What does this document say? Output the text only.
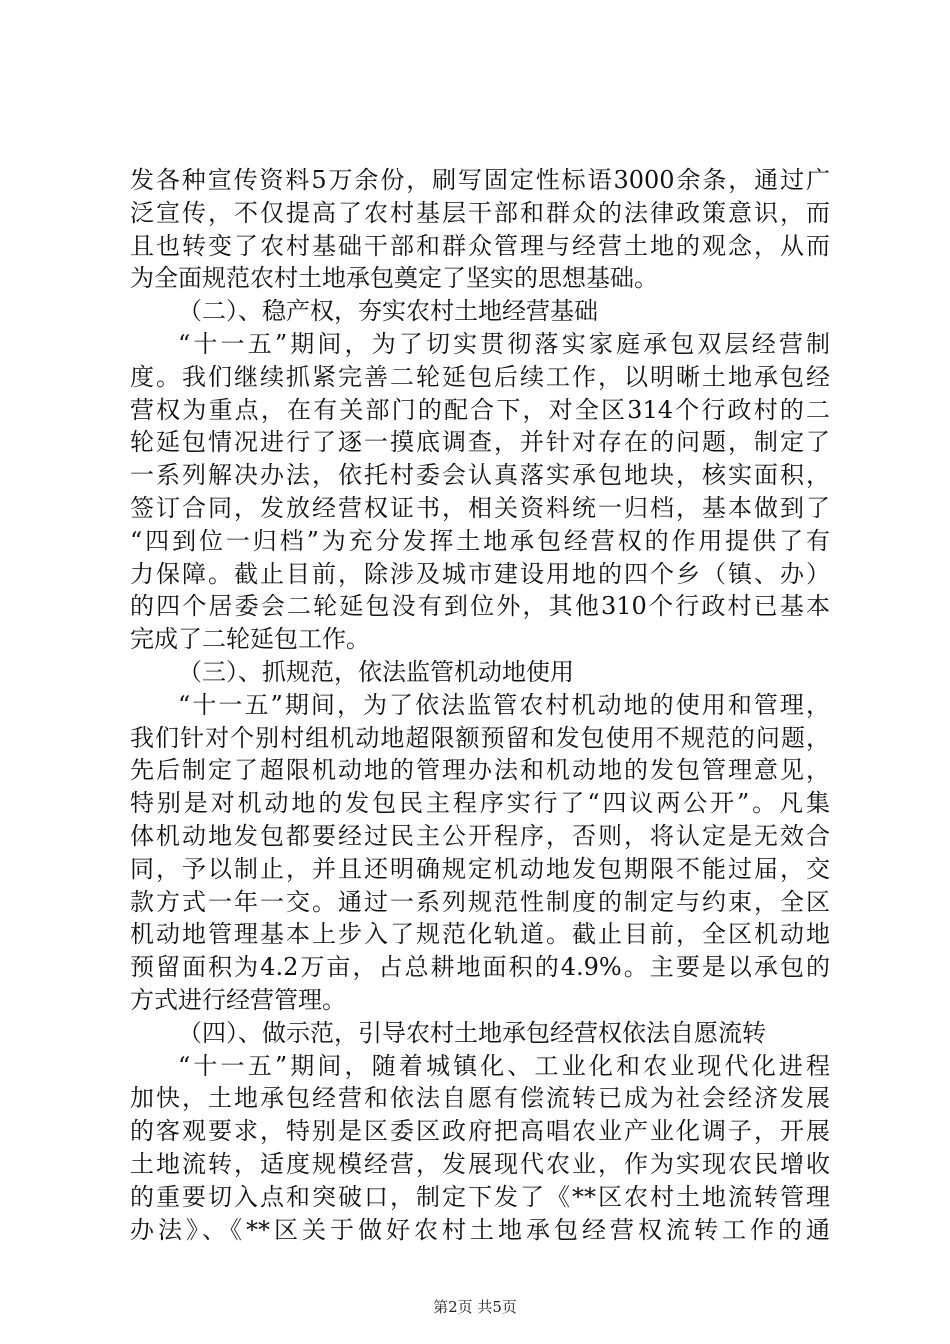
发各种宣传资料5万余份，刷写固定性标语3000余条，通过广
泛宣传，不仅提高了农村基层干部和群众的法律政策意识，而
且也转变了农村基础干部和群众管理与经营土地的观念，从而
为全面规范农村土地承包奠定了坚实的思想基础。
（二）、稳产权，夯实农村土地经营基础
“十一五”期间，为了切实贯彻落实家庭承包双层经营制
度。我们继续抓紧完善二轮延包后续工作，以明晰土地承包经
营权为重点，在有关部门的配合下，对全区314个行政村的二
轮延包情况进行了逐一摸底调查，并针对存在的问题，制定了
一系列解决办法，依托村委会认真落实承包地块，核实面积，
签订合同，发放经营权证书，相关资料统一归档，基本做到了
“四到位一归档”为充分发挥土地承包经营权的作用提供了有
力保障。截止目前，除涉及城市建设用地的四个乡（镇、办）
的四个居委会二轮延包没有到位外，其他310个行政村已基本
完成了二轮延包工作。
（三）、抓规范，依法监管机动地使用
“十一五”期间，为了依法监管农村机动地的使用和管理，
我们针对个别村组机动地超限额预留和发包使用不规范的问题，
先后制定了超限机动地的管理办法和机动地的发包管理意见，
特别是对机动地的发包民主程序实行了“四议两公开”。凡集
体机动地发包都要经过民主公开程序，否则，将认定是无效合
同，予以制止，并且还明确规定机动地发包期限不能过届，交
款方式一年一交。通过一系列规范性制度的制定与约束，全区
机动地管理基本上步入了规范化轨道。截止目前，全区机动地
预留面积为4.2万亩，占总耕地面积的4.9%。主要是以承包的
方式进行经营管理。
（四）、做示范，引导农村土地承包经营权依法自愿流转
“十一五”期间，随着城镇化、工业化和农业现代化进程
加快，土地承包经营和依法自愿有偿流转已成为社会经济发展
的客观要求，特别是区委区政府把高唱农业产业化调子，开展
土地流转，适度规模经营，发展现代农业，作为实现农民增收
的重要切入点和突破口，制定下发了《**区农村土地流转管理
办法》、《**区关于做好农村土地承包经营权流转工作的通
第2页 共5页
